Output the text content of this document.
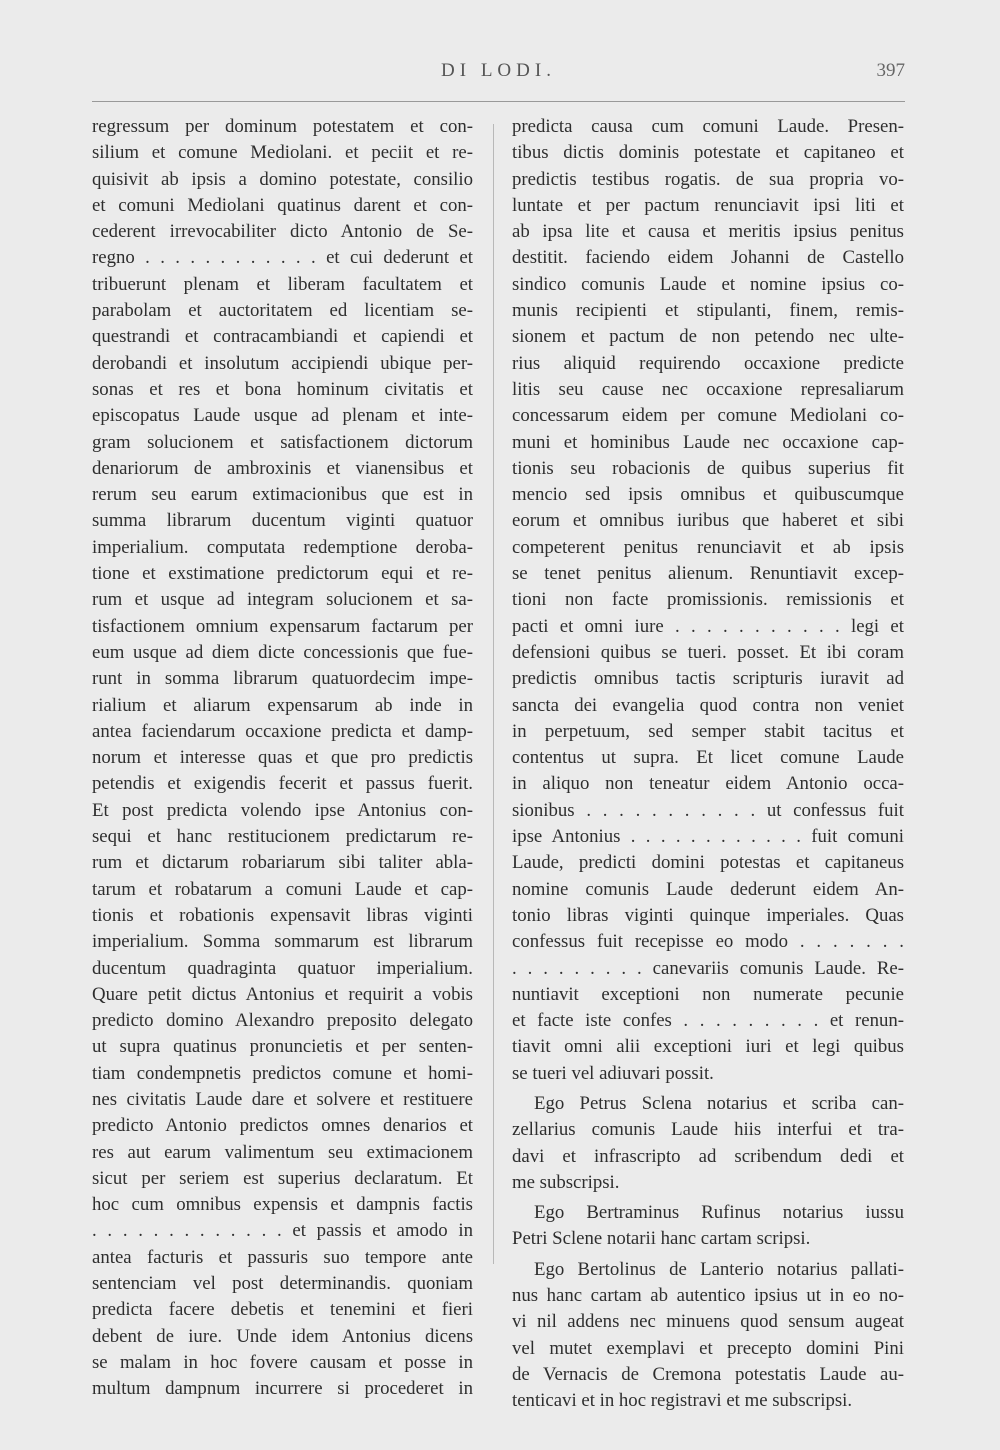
DI LODI.	397
regressum per dominum potestatem et con-
silium et comune Mediolani. et peciit et re-
quisivit ab ipsis a domino potestate, consilio
et comuni Mediolani quatinus darent et con-
cederent irrevocabiliter dicto Antonio de Se-
regno . . . . . . . . . . . . et cui dederunt et
tribuerunt plenam et liberam facultatem et
parabolam et auctoritatem ed licentiam se-
questrandi et contracambiandi et capiendi et
derobandi et insolutum accipiendi ubique per-
sonas et res et bona hominum civitatis et
episcopatus Laude usque ad plenam et inte-
gram solucionem et satisfactionem dictorum
denariorum de ambroxinis et vianensibus et
rerum seu earum extimacionibus que est in
summa librarum ducentum viginti quatuor
imperialium. computata redemptione deroba-
tione et exstimatione predictorum equi et re-
rum et usque ad integram solucionem et sa-
tisfactionem omnium expensarum factarum per
eum usque ad diem dicte concessionis que fue-
runt in somma librarum quatuordecim impe-
rialium et aliarum expensarum ab inde in
antea faciendarum occaxione predicta et damp-
norum et interesse quas et que pro predictis
petendis et exigendis fecerit et passus fuerit.
Et post predicta volendo ipse Antonius con-
sequi et hanc restitucionem predictarum re-
rum et dictarum robariarum sibi taliter abla-
tarum et robatarum a comuni Laude et cap-
tionis et robationis expensavit libras viginti
imperialium. Somma sommarum est librarum
ducentum quadraginta quatuor imperialium.
Quare petit dictus Antonius et requirit a vobis
predicto domino Alexandro preposito delegato
ut supra quatinus pronuncietis et per senten-
tiam condempnetis predictos comune et homi-
nes civitatis Laude dare et solvere et restituere
predicto Antonio predictos omnes denarios et
res aut earum valimentum seu extimacionem
sicut per seriem est superius declaratum. Et
hoc cum omnibus expensis et dampnis factis
. . . . . . . . . . . . . et passis et amodo in
antea facturis et passuris suo tempore ante
sentenciam vel post determinandis. quoniam
predicta facere debetis et tenemini et fieri
debent de iure. Unde idem Antonius dicens
se malam in hoc fovere causam et posse in
multum dampnum incurrere si procederet in
predicta causa cum comuni Laude. Presen-
tibus dictis dominis potestate et capitaneo et
predictis testibus rogatis. de sua propria vo-
luntate et per pactum renunciavit ipsi liti et
ab ipsa lite et causa et meritis ipsius penitus
destitit. faciendo eidem Johanni de Castello
sindico comunis Laude et nomine ipsius co-
munis recipienti et stipulanti, finem, remis-
sionem et pactum de non petendo nec ulte-
rius aliquid requirendo occaxione predicte
litis seu cause nec occaxione represaliarum
concessarum eidem per comune Mediolani co-
muni et hominibus Laude nec occaxione cap-
tionis seu robacionis de quibus superius fit
mencio sed ipsis omnibus et quibuscumque
eorum et omnibus iuribus que haberet et sibi
competerent penitus renunciavit et ab ipsis
se tenet penitus alienum. Renuntiavit excep-
tioni non facte promissionis. remissionis et
pacti et omni iure . . . . . . . . . . . legi et
defensioni quibus se tueri. posset. Et ibi coram
predictis omnibus tactis scripturis iuravit ad
sancta dei evangelia quod contra non veniet
in perpetuum, sed semper stabit tacitus et
contentus ut supra. Et licet comune Laude
in aliquo non teneatur eidem Antonio occa-
sionibus . . . . . . . . . . . ut confessus fuit
ipse Antonius . . . . . . . . . . . . fuit comuni
Laude, predicti domini potestas et capitaneus
nomine comunis Laude dederunt eidem An-
tonio libras viginti quinque imperiales. Quas
confessus fuit recepisse eo modo . . . . . . .
. . . . . . . . . canevariis comunis Laude. Re-
nuntiavit exceptioni non numerate pecunie
et facte iste confes . . . . . . . . . et renun-
tiavit omni alii exceptioni iuri et legi quibus
se tueri vel adiuvari possit.
Ego Petrus Sclena notarius et scriba can-
zellarius comunis Laude hiis interfui et tra-
davi et infrascripto ad scribendum dedi et
me subscripsi.
Ego Bertraminus Rufinus notarius iussu
Petri Sclene notarii hanc cartam scripsi.
Ego Bertolinus de Lanterio notarius pallati-
nus hanc cartam ab autentico ipsius ut in eo no-
vi nil addens nec minuens quod sensum augeat
vel mutet exemplavi et precepto domini Pini
de Vernacis de Cremona potestatis Laude au-
tenticavi et in hoc registravi et me subscripsi.
